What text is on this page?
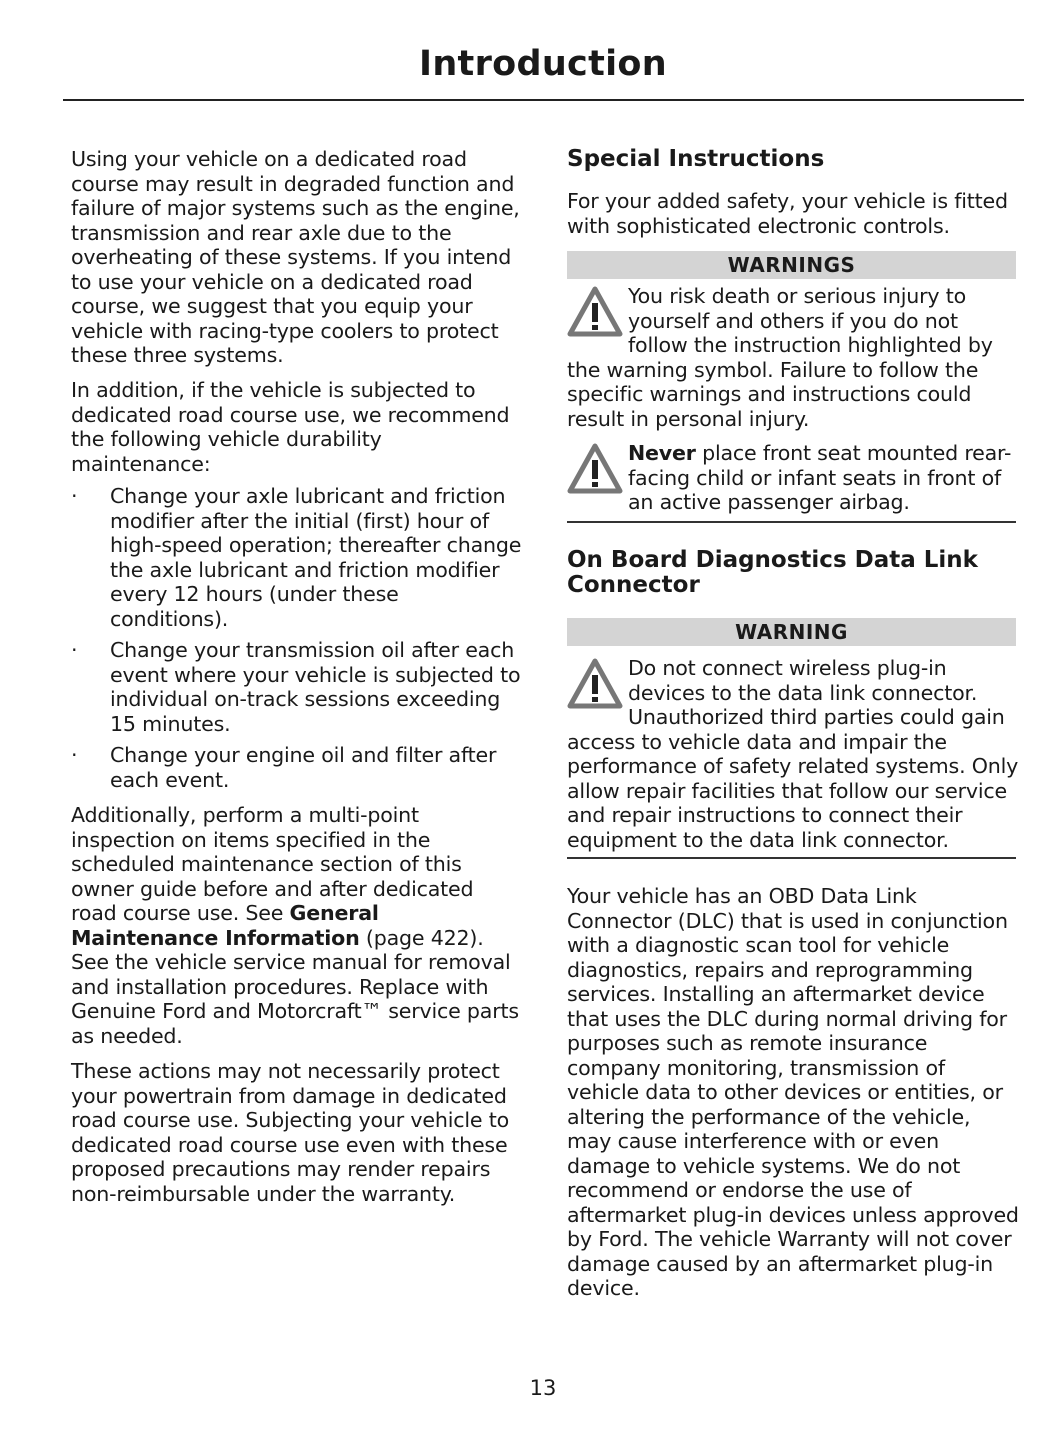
Introduction
Using your vehicle on a dedicated road course may result in degraded function and failure of major systems such as the engine, transmission and rear axle due to the overheating of these systems. If you intend to use your vehicle on a dedicated road course, we suggest that you equip your vehicle with racing-type coolers to protect these three systems.
In addition, if the vehicle is subjected to dedicated road course use, we recommend the following vehicle durability maintenance:
· Change your axle lubricant and friction modifier after the initial (first) hour of high-speed operation; thereafter change the axle lubricant and friction modifier every 12 hours (under these conditions).
· Change your transmission oil after each event where your vehicle is subjected to individual on-track sessions exceeding 15 minutes.
· Change your engine oil and filter after each event.
Additionally, perform a multi-point inspection on items specified in the scheduled maintenance section of this owner guide before and after dedicated road course use. See General Maintenance Information (page 422). See the vehicle service manual for removal and installation procedures. Replace with Genuine Ford and Motorcraft™ service parts as needed.
These actions may not necessarily protect your powertrain from damage in dedicated road course use. Subjecting your vehicle to dedicated road course use even with these proposed precautions may render repairs non-reimbursable under the warranty.
Special Instructions
For your added safety, your vehicle is fitted with sophisticated electronic controls.
WARNINGS
You risk death or serious injury to yourself and others if you do not follow the instruction highlighted by the warning symbol. Failure to follow the specific warnings and instructions could result in personal injury.
Never place front seat mounted rear-facing child or infant seats in front of an active passenger airbag.
On Board Diagnostics Data Link Connector
WARNING
Do not connect wireless plug-in devices to the data link connector. Unauthorized third parties could gain access to vehicle data and impair the performance of safety related systems. Only allow repair facilities that follow our service and repair instructions to connect their equipment to the data link connector.
Your vehicle has an OBD Data Link Connector (DLC) that is used in conjunction with a diagnostic scan tool for vehicle diagnostics, repairs and reprogramming services. Installing an aftermarket device that uses the DLC during normal driving for purposes such as remote insurance company monitoring, transmission of vehicle data to other devices or entities, or altering the performance of the vehicle, may cause interference with or even damage to vehicle systems. We do not recommend or endorse the use of aftermarket plug-in devices unless approved by Ford. The vehicle Warranty will not cover damage caused by an aftermarket plug-in device.
13
